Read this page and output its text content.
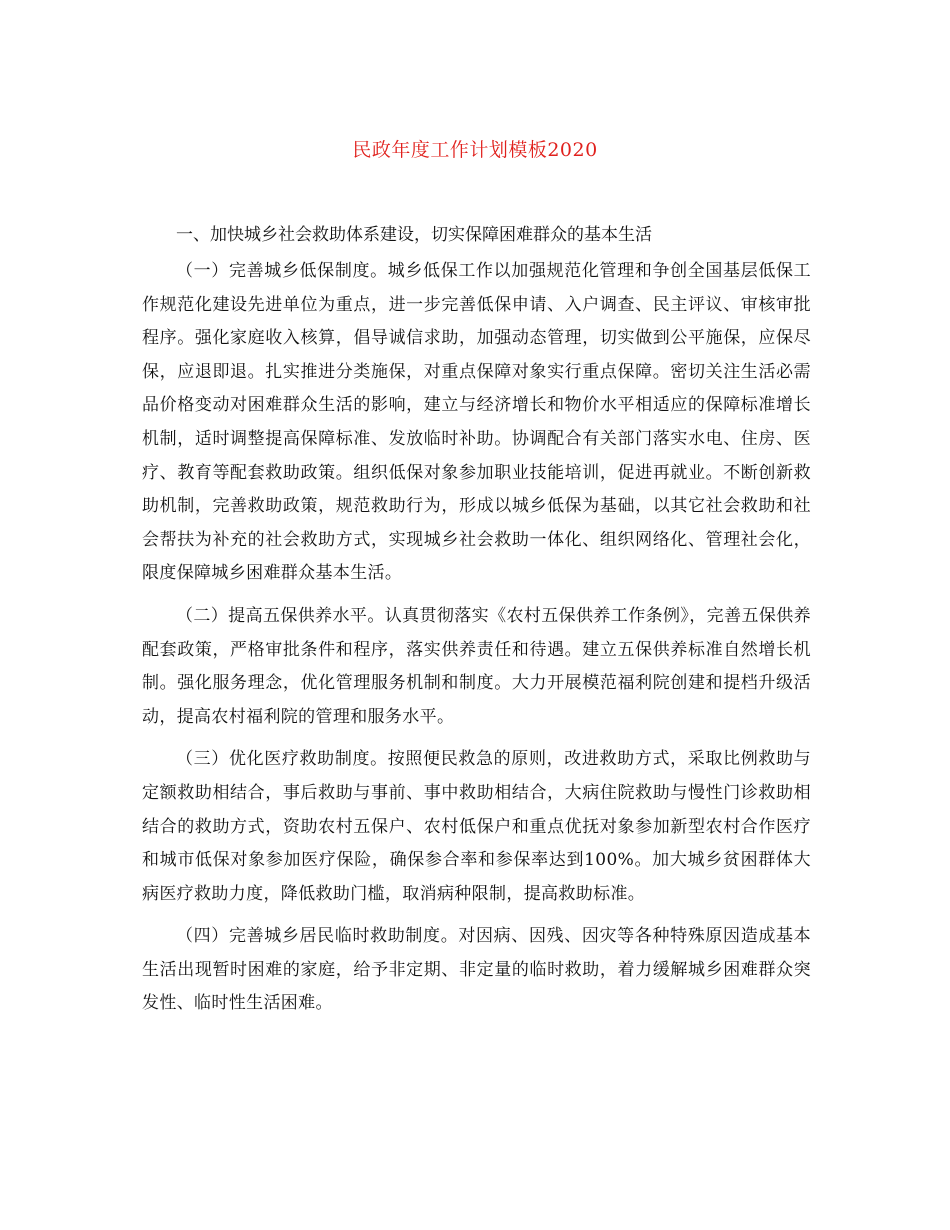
民政年度工作计划模板2020

一、加快城乡社会救助体系建设，切实保障困难群众的基本生活

（一）完善城乡低保制度。城乡低保工作以加强规范化管理和争创全国基层低保工作规范化建设先进单位为重点，进一步完善低保申请、入户调查、民主评议、审核审批程序。强化家庭收入核算，倡导诚信求助，加强动态管理，切实做到公平施保，应保尽保，应退即退。扎实推进分类施保，对重点保障对象实行重点保障。密切关注生活必需品价格变动对困难群众生活的影响，建立与经济增长和物价水平相适应的保障标准增长机制，适时调整提高保障标准、发放临时补助。协调配合有关部门落实水电、住房、医疗、教育等配套救助政策。组织低保对象参加职业技能培训，促进再就业。不断创新救助机制，完善救助政策，规范救助行为，形成以城乡低保为基础，以其它社会救助和社会帮扶为补充的社会救助方式，实现城乡社会救助一体化、组织网络化、管理社会化，限度保障城乡困难群众基本生活。

（二）提高五保供养水平。认真贯彻落实《农村五保供养工作条例》，完善五保供养配套政策，严格审批条件和程序，落实供养责任和待遇。建立五保供养标准自然增长机制。强化服务理念，优化管理服务机制和制度。大力开展模范福利院创建和提档升级活动，提高农村福利院的管理和服务水平。

（三）优化医疗救助制度。按照便民救急的原则，改进救助方式，采取比例救助与定额救助相结合，事后救助与事前、事中救助相结合，大病住院救助与慢性门诊救助相结合的救助方式，资助农村五保户、农村低保户和重点优抚对象参加新型农村合作医疗和城市低保对象参加医疗保险，确保参合率和参保率达到100%。加大城乡贫困群体大病医疗救助力度，降低救助门槛，取消病种限制，提高救助标准。

（四）完善城乡居民临时救助制度。对因病、因残、因灾等各种特殊原因造成基本生活出现暂时困难的家庭，给予非定期、非定量的临时救助，着力缓解城乡困难群众突发性、临时性生活困难。
